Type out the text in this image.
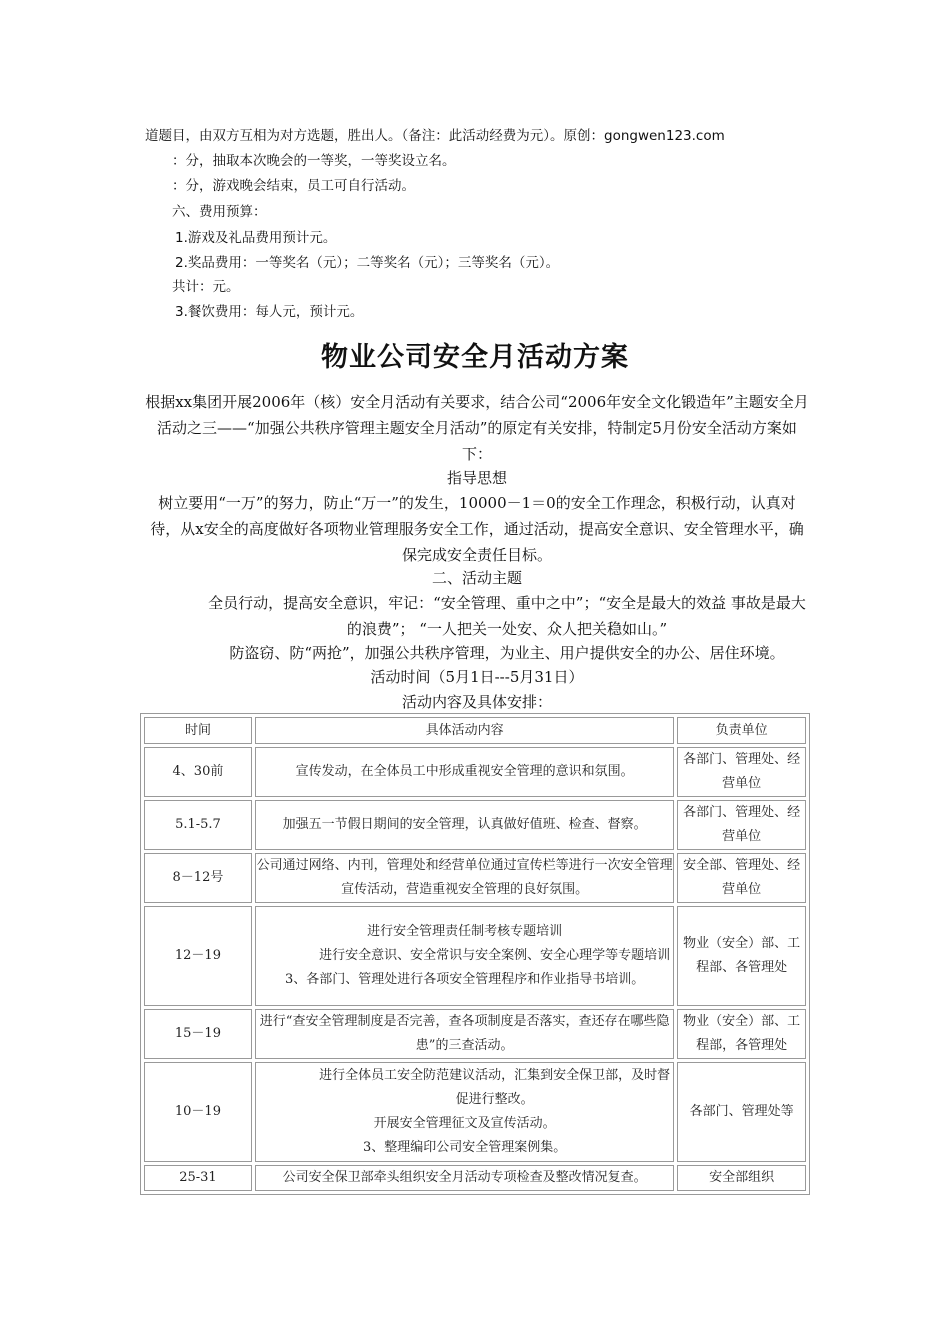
道题目，由双方互相为对方选题，胜出人。（备注：此活动经费为元）。原创：gongwen123.com

：分，抽取本次晚会的一等奖，一等奖设立名。

：分，游戏晚会结束，员工可自行活动。

六、费用预算：

1.游戏及礼品费用预计元。

2.奖品费用：一等奖名（元）；二等奖名（元）；三等奖名（元）。

共计：元。

3.餐饮费用：每人元，预计元。

物业公司安全月活动方案

根据xx集团开展2006年（核）安全月活动有关要求，结合公司“2006年安全文化锻造年”主题安全月活动之三——“加强公共秩序管理主题安全月活动”的原定有关安排，特制定5月份安全活动方案如下：

指导思想

树立要用“一万”的努力，防止“万一”的发生，10000－1＝0的安全工作理念，积极行动，认真对待，从x安全的高度做好各项物业管理服务安全工作，通过活动，提高安全意识、安全管理水平，确保完成安全责任目标。

二、活动主题

全员行动，提高安全意识，牢记：“安全管理、重中之中”；“安全是最大的效益 事故是最大的浪费”； “一人把关一处安、众人把关稳如山。”

防盗窃、防“两抢”，加强公共秩序管理，为业主、用户提供安全的办公、居住环境。

活动时间（5月1日---5月31日）

活动内容及具体安排：

时间	具体活动内容	负责单位
4、30前	宣传发动，在全体员工中形成重视安全管理的意识和氛围。	各部门、管理处、经营单位
5.1-5.7	加强五一节假日期间的安全管理，认真做好值班、检查、督察。	各部门、管理处、经营单位
8－12号	公司通过网络、内刊，管理处和经营单位通过宣传栏等进行一次安全管理宣传活动，营造重视安全管理的良好氛围。	安全部、管理处、经营单位
12－19	进行安全管理责任制考核专题培训
进行安全意识、安全常识与安全案例、安全心理学等专题培训
3、各部门、管理处进行各项安全管理程序和作业指导书培训。	物业（安全）部、工程部、各管理处
15－19	进行“查安全管理制度是否完善，查各项制度是否落实，查还存在哪些隐患”的三查活动。	物业（安全）部、工程部，各管理处
10－19	进行全体员工安全防范建议活动，汇集到安全保卫部，及时督促进行整改。
开展安全管理征文及宣传活动。
3、整理编印公司安全管理案例集。	各部门、管理处等
25-31	公司安全保卫部牵头组织安全月活动专项检查及整改情况复查。	安全部组织
